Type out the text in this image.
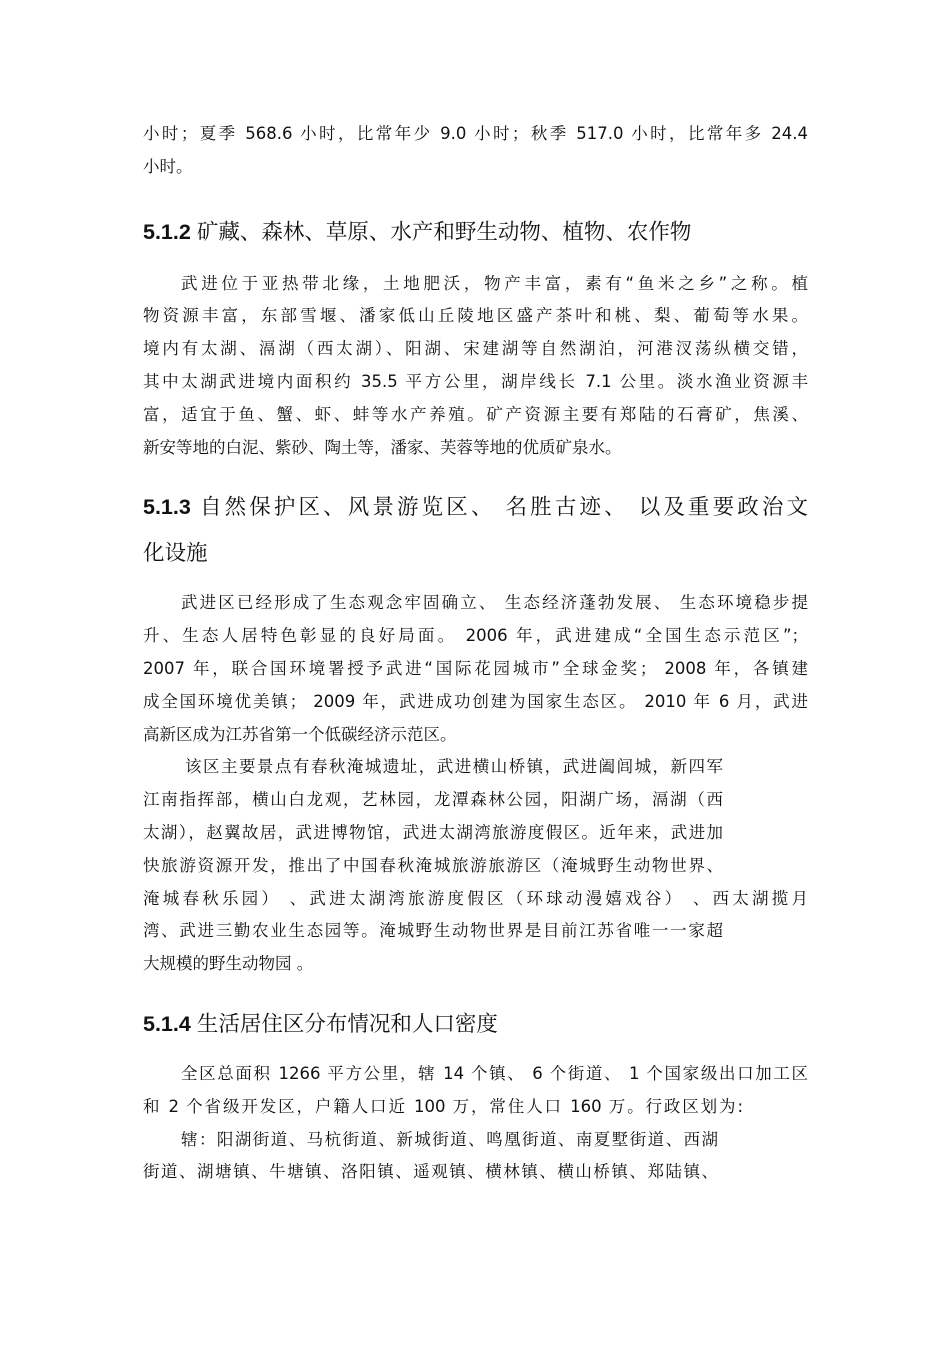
小时；夏季 568.6 小时，比常年少 9.0 小时；秋季 517.0 小时，比常年多 24.4
小时。
5.1.2 矿藏、森林、草原、水产和野生动物、植物、农作物
武进位于亚热带北缘，土地肥沃，物产丰富，素有“鱼米之乡”之称。植
物资源丰富，东部雪堰、潘家低山丘陵地区盛产茶叶和桃、梨、葡萄等水果。
境内有太湖、滆湖（西太湖）、阳湖、宋建湖等自然湖泊，河港汊荡纵横交错，
其中太湖武进境内面积约 35.5 平方公里，湖岸线长 7.1 公里。淡水渔业资源丰
富，适宜于鱼、蟹、虾、蚌等水产养殖。矿产资源主要有郑陆的石膏矿，焦溪、
新安等地的白泥、紫砂、陶土等，潘家、芙蓉等地的优质矿泉水。
5.1.3 自然保护区、风景游览区、 名胜古迹、 以及重要政治文
化设施
武进区已经形成了生态观念牢固确立、 生态经济蓬勃发展、 生态环境稳步提
升、生态人居特色彰显的良好局面。 2006 年，武进建成“全国生态示范区”；
2007 年，联合国环境署授予武进“国际花园城市”全球金奖； 2008 年，各镇建
成全国环境优美镇； 2009 年，武进成功创建为国家生态区。 2010 年 6 月，武进
高新区成为江苏省第一个低碳经济示范区。
该区主要景点有春秋淹城遗址，武进横山桥镇，武进阖闾城，新四军
江南指挥部，横山白龙观，艺林园，龙潭森林公园，阳湖广场，滆湖（西
太湖），赵翼故居，武进博物馆，武进太湖湾旅游度假区。近年来，武进加
快旅游资源开发，推出了中国春秋淹城旅游旅游区（淹城野生动物世界、
淹城春秋乐园） 、武进太湖湾旅游度假区（环球动漫嬉戏谷） 、西太湖揽月
湾、武进三勤农业生态园等。淹城野生动物世界是目前江苏省唯一一家超
大规模的野生动物园 。
5.1.4 生活居住区分布情况和人口密度
全区总面积 1266 平方公里，辖 14 个镇、 6 个街道、 1 个国家级出口加工区
和 2 个省级开发区，户籍人口近 100 万，常住人口 160 万。行政区划为:
辖：阳湖街道、马杭街道、新城街道、鸣凰街道、南夏墅街道、西湖
街道、湖塘镇、牛塘镇、洛阳镇、遥观镇、横林镇、横山桥镇、郑陆镇、
